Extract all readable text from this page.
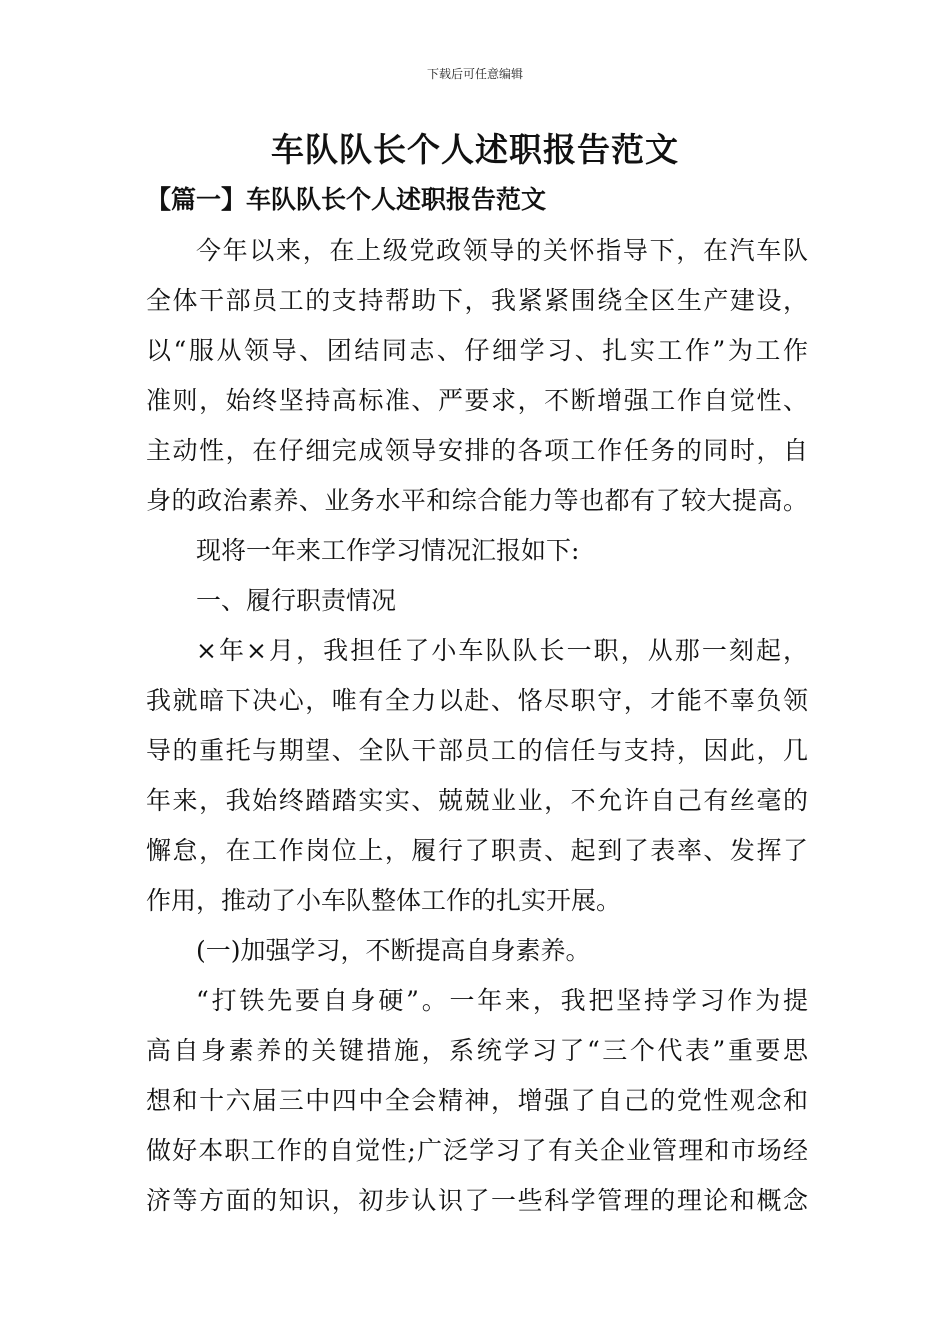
下载后可任意编辑
车队队长个人述职报告范文
【篇一】车队队长个人述职报告范文
今年以来，在上级党政领导的关怀指导下，在汽车队
全体干部员工的支持帮助下，我紧紧围绕全区生产建设，
以“服从领导、团结同志、仔细学习、扎实工作”为工作
准则，始终坚持高标准、严要求，不断增强工作自觉性、
主动性，在仔细完成领导安排的各项工作任务的同时，自
身的政治素养、业务水平和综合能力等也都有了较大提高。
现将一年来工作学习情况汇报如下:
一、履行职责情况
×年×月，我担任了小车队队长一职，从那一刻起，
我就暗下决心，唯有全力以赴、恪尽职守，才能不辜负领
导的重托与期望、全队干部员工的信任与支持，因此，几
年来，我始终踏踏实实、兢兢业业，不允许自己有丝毫的
懈怠，在工作岗位上，履行了职责、起到了表率、发挥了
作用，推动了小车队整体工作的扎实开展。
(一)加强学习，不断提高自身素养。
“打铁先要自身硬”。一年来，我把坚持学习作为提
高自身素养的关键措施，系统学习了“三个代表”重要思
想和十六届三中四中全会精神，增强了自己的党性观念和
做好本职工作的自觉性;广泛学习了有关企业管理和市场经
济等方面的知识，初步认识了一些科学管理的理论和概念
